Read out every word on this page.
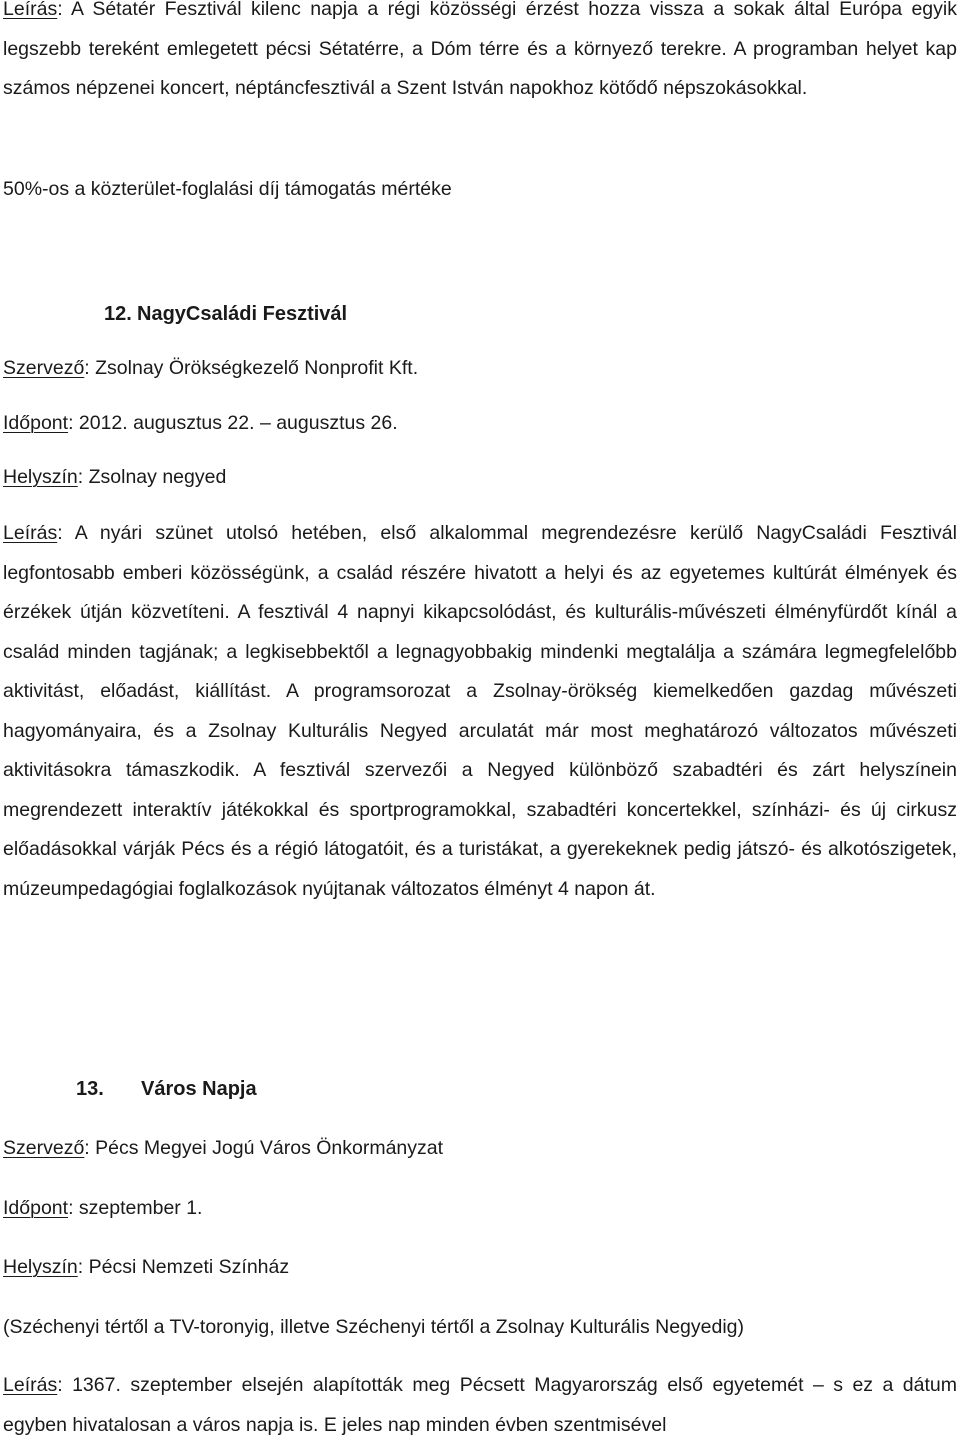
Leírás: A Sétatér Fesztivál kilenc napja a régi közösségi érzést hozza vissza a sokak által Európa egyik legszebb tereként emlegetett pécsi Sétatérre, a Dóm térre és a környező terekre. A programban helyet kap számos népzenei koncert, néptáncfesztivál a Szent István napokhoz kötődő népszokásokkal.

50%-os a közterület-foglalási díj támogatás mértéke

12. NagyCsaládi Fesztivál

Szervező: Zsolnay Örökségkezelő Nonprofit Kft.

Időpont: 2012. augusztus 22. – augusztus 26.

Helyszín: Zsolnay negyed

Leírás: A nyári szünet utolsó hetében, első alkalommal megrendezésre kerülő NagyCsaládi Fesztivál legfontosabb emberi közösségünk, a család részére hivatott a helyi és az egyetemes kultúrát élmények és érzékek útján közvetíteni. A fesztivál 4 napnyi kikapcsolódást, és kulturális-művészeti élményfürdőt kínál a család minden tagjának; a legkisebbektől a legnagyobbakig mindenki megtalálja a számára legmegfelelőbb aktivitást, előadást, kiállítást. A programsorozat a Zsolnay-örökség kiemelkedően gazdag művészeti hagyományaira, és a Zsolnay Kulturális Negyed arculatát már most meghatározó változatos művészeti aktivitásokra támaszkodik. A fesztivál szervezői a Negyed különböző szabadtéri és zárt helyszínein megrendezett interaktív játékokkal és sportprogramokkal, szabadtéri koncertekkel, színházi- és új cirkusz előadásokkal várják Pécs és a régió látogatóit, és a turistákat, a gyerekeknek pedig játszó- és alkotószigetek, múzeumpedagógiai foglalkozások nyújtanak változatos élményt 4 napon át.

13. Város Napja

Szervező: Pécs Megyei Jogú Város Önkormányzat

Időpont: szeptember 1.

Helyszín: Pécsi Nemzeti Színház

(Széchenyi tértől a TV-toronyig, illetve Széchenyi tértől a Zsolnay Kulturális Negyedig)

Leírás: 1367. szeptember elsején alapították meg Pécsett Magyarország első egyetemét – s ez a dátum egyben hivatalosan a város napja is. E jeles nap minden évben szentmisével
